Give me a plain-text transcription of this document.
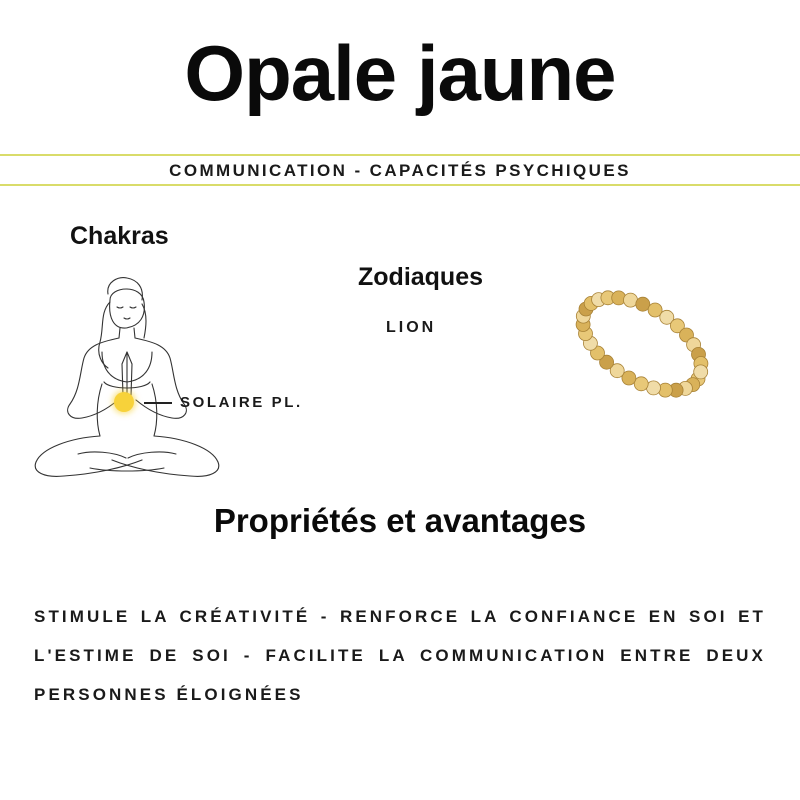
Opale jaune
COMMUNICATION - CAPACITÉS PSYCHIQUES
Chakras
SOLAIRE PL.
Zodiaques
LION
Propriétés et avantages

STIMULE LA CRÉATIVITÉ - RENFORCE LA CONFIANCE EN SOI ET L'ESTIME DE SOI - FACILITE LA COMMUNICATION ENTRE DEUX PERSONNES ÉLOIGNÉES
